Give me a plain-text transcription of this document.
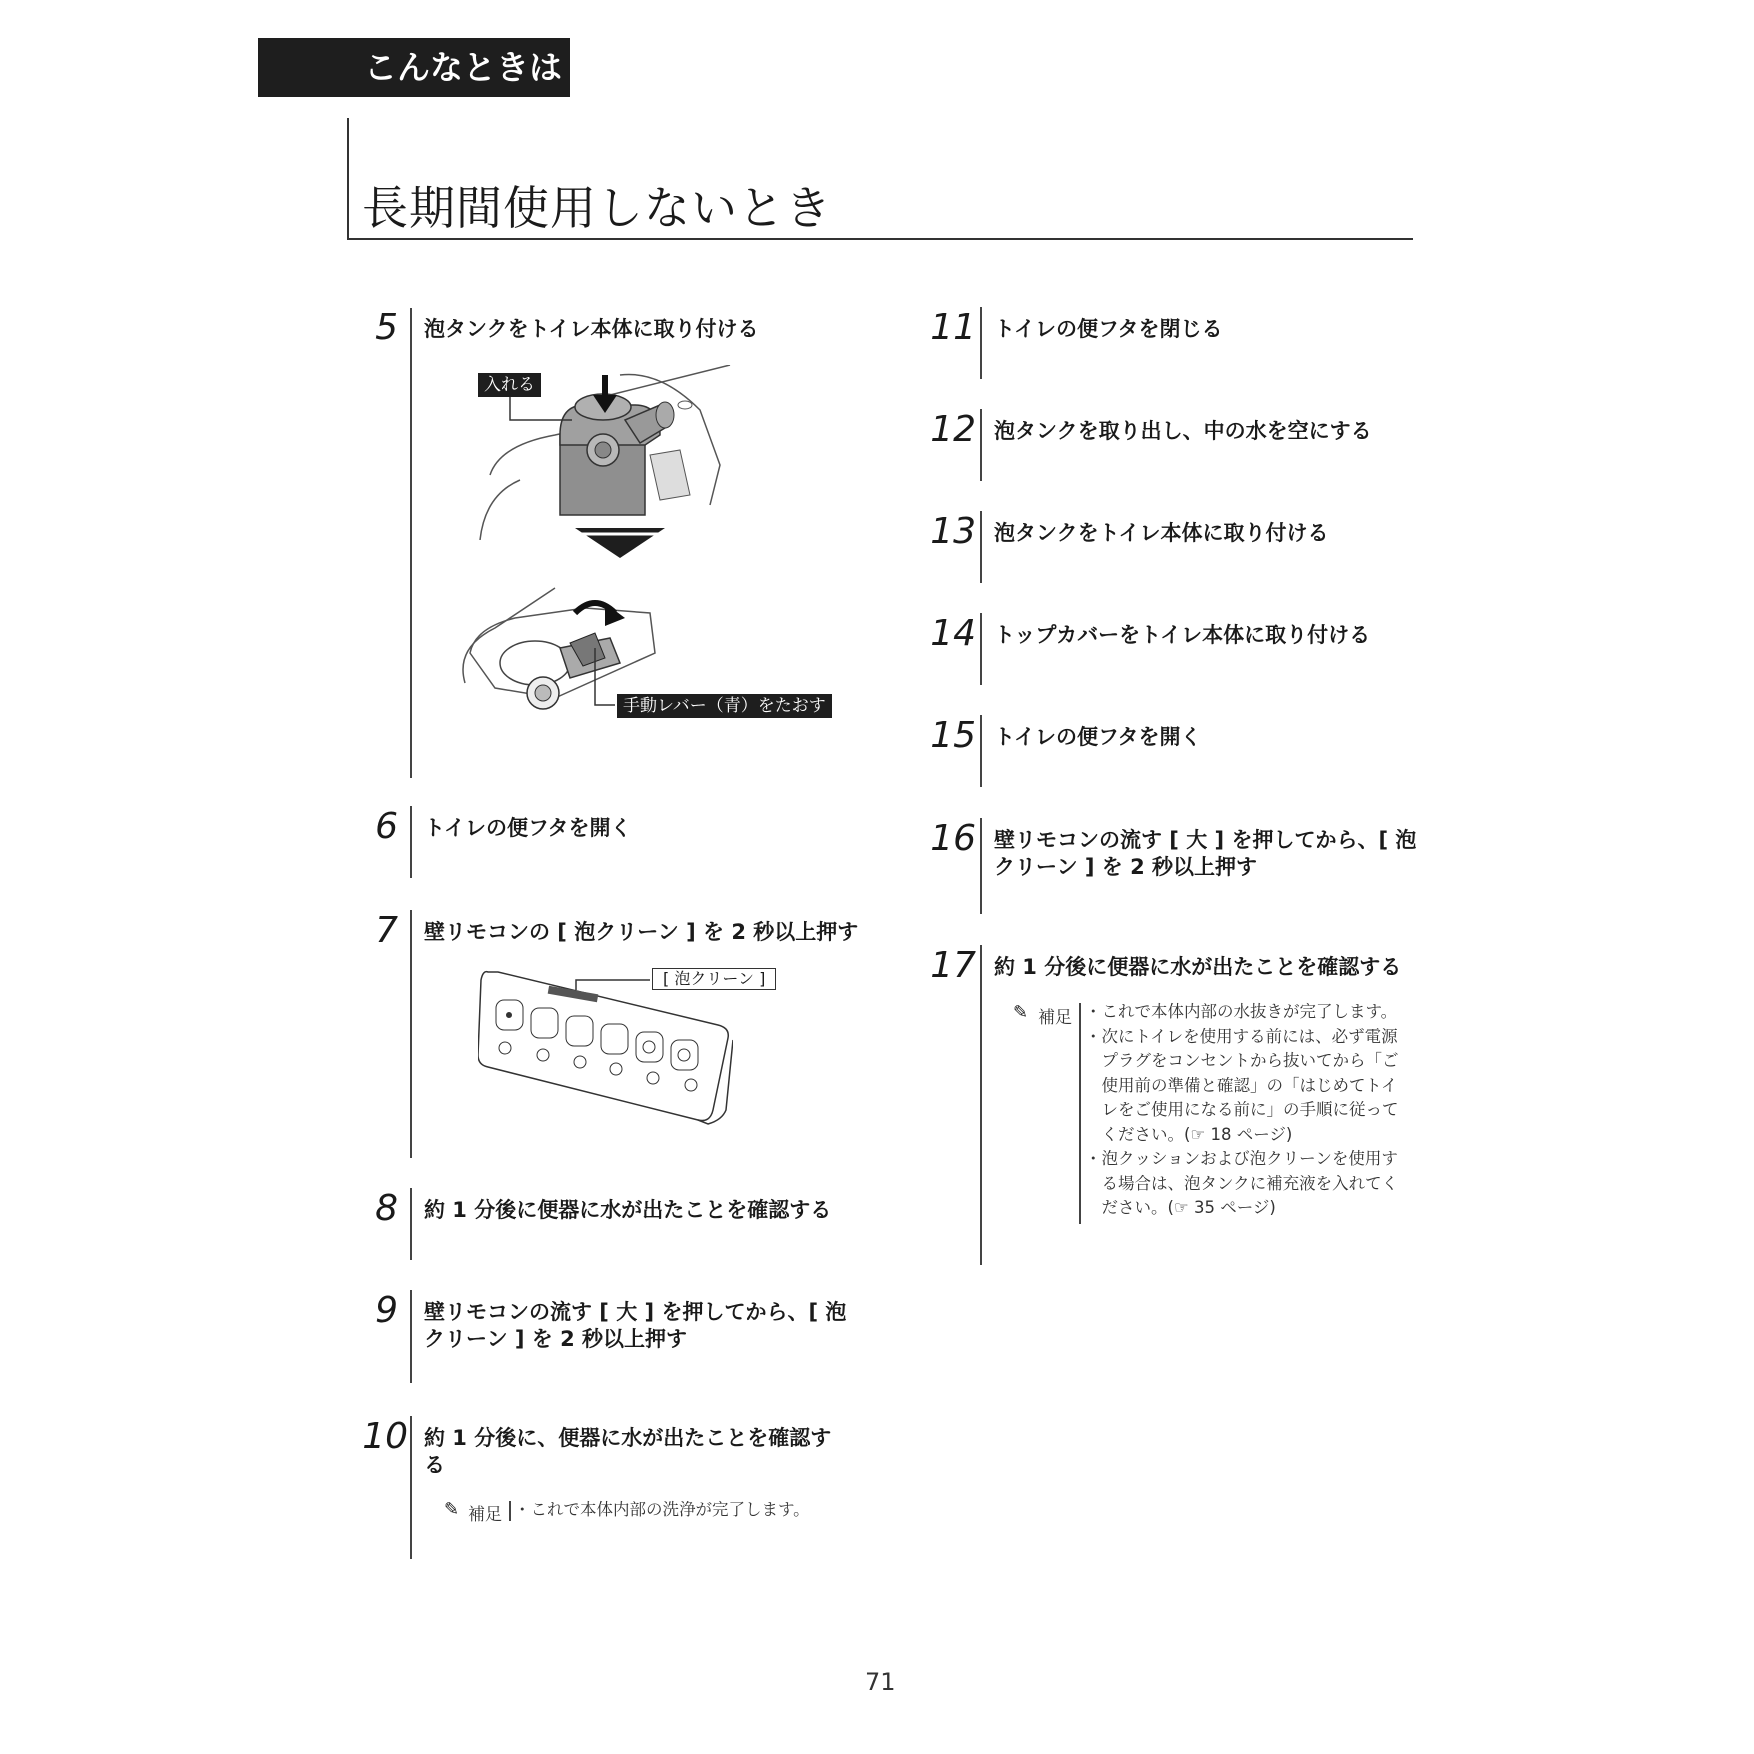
こんなときは
長期間使用しないとき
5 泡タンクをトイレ本体に取り付ける
入れる
手動レバー（青）をたおす
6 トイレの便フタを開く
7 壁リモコンの [ 泡クリーン ] を 2 秒以上押す
[ 泡クリーン ]
8 約 1 分後に便器に水が出たことを確認する
9 壁リモコンの流す [ 大 ] を押してから、[ 泡
クリーン ] を 2 秒以上押す
10 約 1 分後に、便器に水が出たことを確認す
る
✎ 補足 ・これで本体内部の洗浄が完了します。
11 トイレの便フタを閉じる
12 泡タンクを取り出し、中の水を空にする
13 泡タンクをトイレ本体に取り付ける
14 トップカバーをトイレ本体に取り付ける
15 トイレの便フタを開く
16 壁リモコンの流す [ 大 ] を押してから、[ 泡
クリーン ] を 2 秒以上押す
17 約 1 分後に便器に水が出たことを確認する
✎ 補足 ・これで本体内部の水抜きが完了します。
・次にトイレを使用する前には、必ず電源
　プラグをコンセントから抜いてから「ご
　使用前の準備と確認」の「はじめてトイ
　レをご使用になる前に」の手順に従って
　ください。(☞ 18 ページ)
・泡クッションおよび泡クリーンを使用す
　る場合は、泡タンクに補充液を入れてく
　ださい。(☞ 35 ページ)
71
